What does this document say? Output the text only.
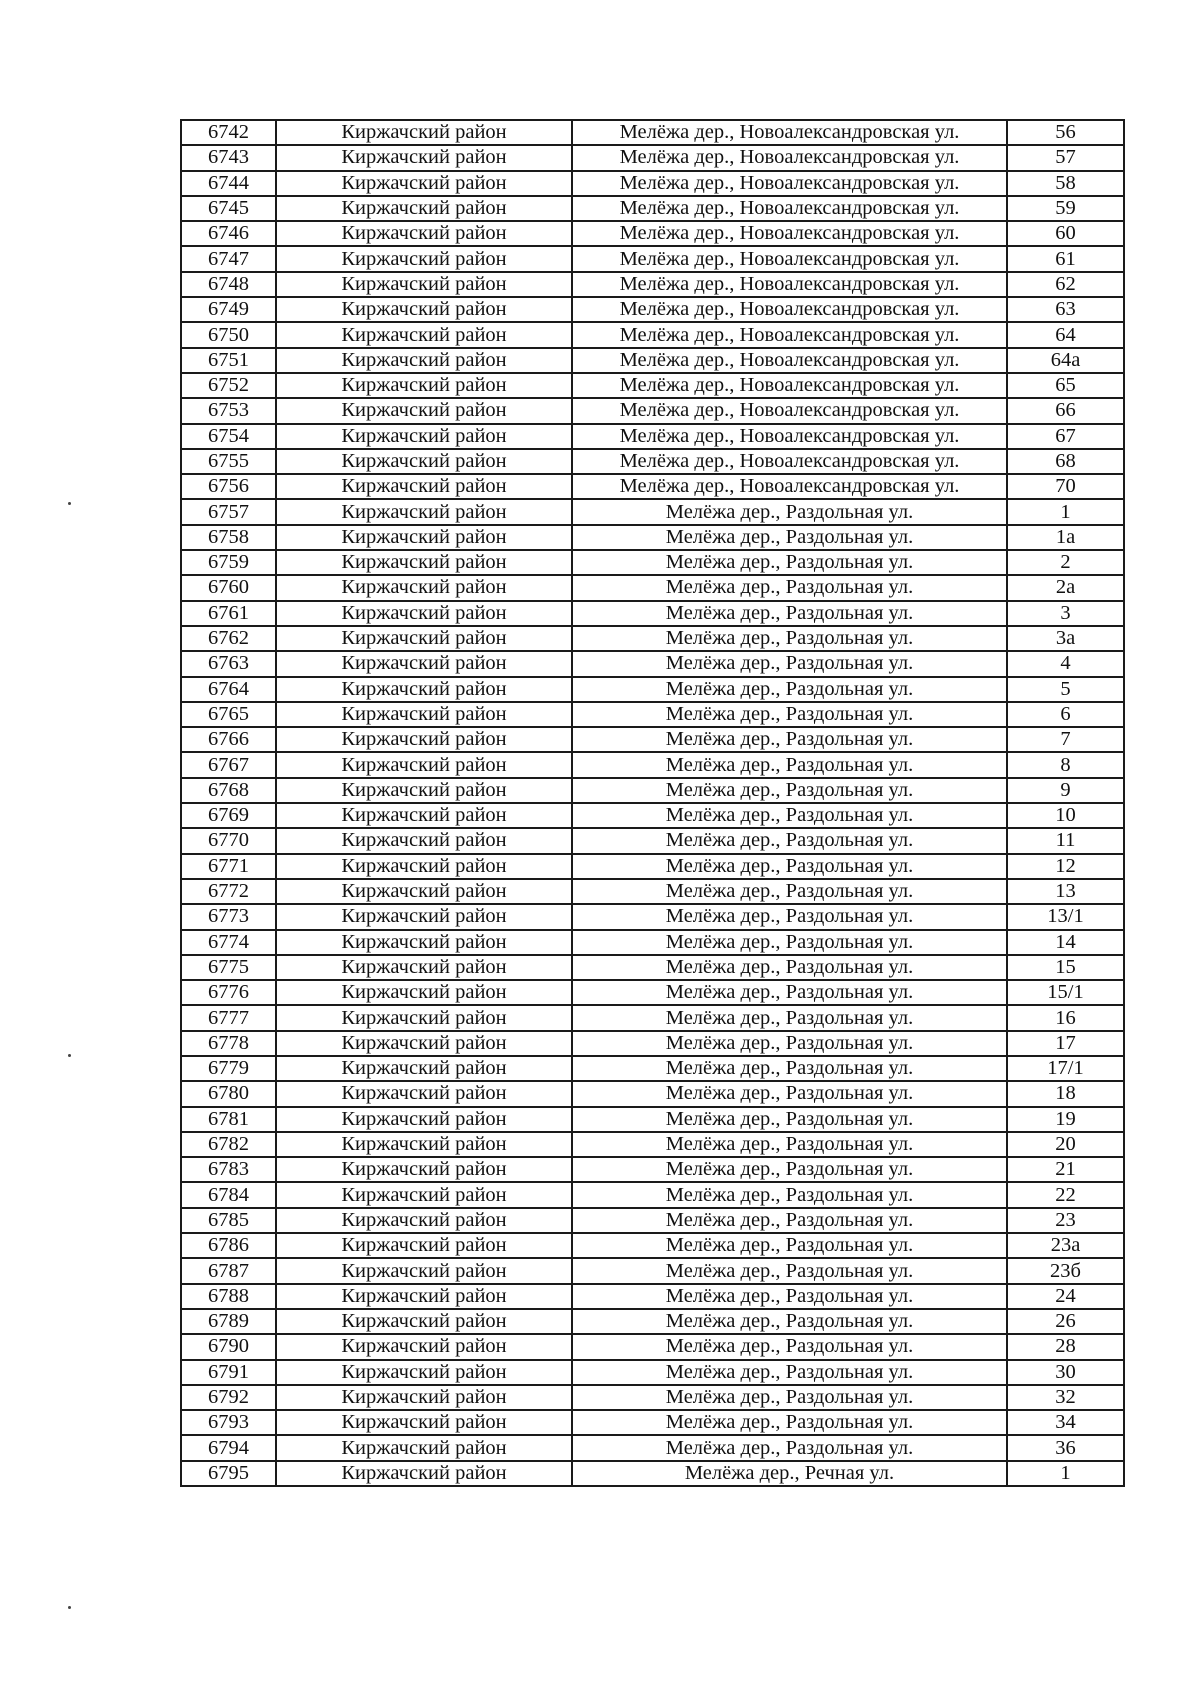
6742	Киржачский район	Мелёжа дер., Новоалександровская ул.	56
6743	Киржачский район	Мелёжа дер., Новоалександровская ул.	57
6744	Киржачский район	Мелёжа дер., Новоалександровская ул.	58
6745	Киржачский район	Мелёжа дер., Новоалександровская ул.	59
6746	Киржачский район	Мелёжа дер., Новоалександровская ул.	60
6747	Киржачский район	Мелёжа дер., Новоалександровская ул.	61
6748	Киржачский район	Мелёжа дер., Новоалександровская ул.	62
6749	Киржачский район	Мелёжа дер., Новоалександровская ул.	63
6750	Киржачский район	Мелёжа дер., Новоалександровская ул.	64
6751	Киржачский район	Мелёжа дер., Новоалександровская ул.	64а
6752	Киржачский район	Мелёжа дер., Новоалександровская ул.	65
6753	Киржачский район	Мелёжа дер., Новоалександровская ул.	66
6754	Киржачский район	Мелёжа дер., Новоалександровская ул.	67
6755	Киржачский район	Мелёжа дер., Новоалександровская ул.	68
6756	Киржачский район	Мелёжа дер., Новоалександровская ул.	70
6757	Киржачский район	Мелёжа дер., Раздольная ул.	1
6758	Киржачский район	Мелёжа дер., Раздольная ул.	1а
6759	Киржачский район	Мелёжа дер., Раздольная ул.	2
6760	Киржачский район	Мелёжа дер., Раздольная ул.	2а
6761	Киржачский район	Мелёжа дер., Раздольная ул.	3
6762	Киржачский район	Мелёжа дер., Раздольная ул.	3а
6763	Киржачский район	Мелёжа дер., Раздольная ул.	4
6764	Киржачский район	Мелёжа дер., Раздольная ул.	5
6765	Киржачский район	Мелёжа дер., Раздольная ул.	6
6766	Киржачский район	Мелёжа дер., Раздольная ул.	7
6767	Киржачский район	Мелёжа дер., Раздольная ул.	8
6768	Киржачский район	Мелёжа дер., Раздольная ул.	9
6769	Киржачский район	Мелёжа дер., Раздольная ул.	10
6770	Киржачский район	Мелёжа дер., Раздольная ул.	11
6771	Киржачский район	Мелёжа дер., Раздольная ул.	12
6772	Киржачский район	Мелёжа дер., Раздольная ул.	13
6773	Киржачский район	Мелёжа дер., Раздольная ул.	13/1
6774	Киржачский район	Мелёжа дер., Раздольная ул.	14
6775	Киржачский район	Мелёжа дер., Раздольная ул.	15
6776	Киржачский район	Мелёжа дер., Раздольная ул.	15/1
6777	Киржачский район	Мелёжа дер., Раздольная ул.	16
6778	Киржачский район	Мелёжа дер., Раздольная ул.	17
6779	Киржачский район	Мелёжа дер., Раздольная ул.	17/1
6780	Киржачский район	Мелёжа дер., Раздольная ул.	18
6781	Киржачский район	Мелёжа дер., Раздольная ул.	19
6782	Киржачский район	Мелёжа дер., Раздольная ул.	20
6783	Киржачский район	Мелёжа дер., Раздольная ул.	21
6784	Киржачский район	Мелёжа дер., Раздольная ул.	22
6785	Киржачский район	Мелёжа дер., Раздольная ул.	23
6786	Киржачский район	Мелёжа дер., Раздольная ул.	23а
6787	Киржачский район	Мелёжа дер., Раздольная ул.	23б
6788	Киржачский район	Мелёжа дер., Раздольная ул.	24
6789	Киржачский район	Мелёжа дер., Раздольная ул.	26
6790	Киржачский район	Мелёжа дер., Раздольная ул.	28
6791	Киржачский район	Мелёжа дер., Раздольная ул.	30
6792	Киржачский район	Мелёжа дер., Раздольная ул.	32
6793	Киржачский район	Мелёжа дер., Раздольная ул.	34
6794	Киржачский район	Мелёжа дер., Раздольная ул.	36
6795	Киржачский район	Мелёжа дер., Речная ул.	1
